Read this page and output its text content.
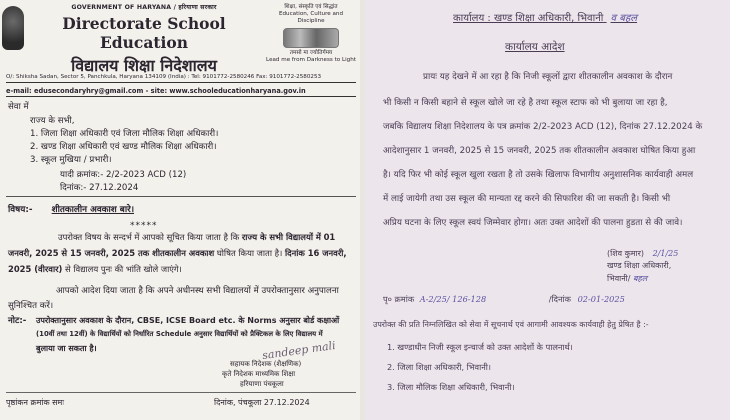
GOVERNMENT OF HARYANA / हरियाणा सरकार
Directorate School Education
विद्यालय शिक्षा निदेशालय
शिक्षा, संस्कृति एवं सिद्धांत
Education, Culture and Discipline
तमसो मा ज्योतिर्गमय
Lead me from Darkness to Light
O/: Shiksha Sadan, Sector 5, Panchkula, Haryana 134109 (India) : Tel: 9101772-2580246 Fax: 9101772-2580253
e-mail: edusecondaryhry@gmail.com - site: www.schooleducationharyana.gov.in
सेवा में
राज्य के सभी,
1. जिला शिक्षा अधिकारी एवं जिला मौलिक शिक्षा अधिकारी।
2. खण्ड शिक्षा अधिकारी एवं खण्ड मौलिक शिक्षा अधिकारी।
3. स्कूल मुखिया / प्रभारी।
यादी क्रमांक:- 2/2-2023 ACD (12)
दिनांक:- 27.12.2024
विषय:- शीतकालीन अवकाश बारे।
*****
उपरोक्त विषय के सन्दर्भ में आपको सूचित किया जाता है कि राज्य के सभी विद्यालयों में 01 जनवरी, 2025 से 15 जनवरी, 2025 तक शीतकालीन अवकाश घोषित किया जाता है। दिनांक 16 जनवरी, 2025 (वीरवार) से विद्यालय पुनः की भांति खोले जाएंगे।
आपको आदेश दिया जाता है कि अपने अधीनस्थ सभी विद्यालयों में उपरोक्तानुसार अनुपालना
सुनिश्चित करें।
नोट:- उपरोक्तानुसार अवकाश के दौरान, CBSE, ICSE Board etc. के Norms अनुसार बोर्ड कक्षाओं
(10वीं तथा 12वीं) के विद्यार्थियों को निर्धारित Schedule अनुसार विद्यार्थियों को प्रैक्टिकल के लिए विद्यालय में
बुलाया जा सकता है।	sandeep mali
सहायक निदेशक (शैक्षणिक)
कृते निदेशक माध्यमिक शिक्षा
हरियाणा पंचकूला
पृष्ठांकन क्रमांक समः	दिनांक, पंचकूला 27.12.2024
कार्यालय : खण्ड शिक्षा अधिकारी, भिवानी व बहल
कार्यालय आदेश
प्रायः यह देखने में आ रहा है कि निजी स्कूलों द्वारा शीतकालीन अवकाश के दौरान
भी किसी न किसी बहाने से स्कूल खोले जा रहे है तथा स्कूल स्टाफ को भी बुलाया जा रहा है,
जबकि विद्यालय शिक्षा निदेशालय के पत्र क्रमांक 2/2-2023 ACD (12), दिनांक 27.12.2024 के
आदेशानुसार 1 जनवरी, 2025 से 15 जनवरी, 2025 तक शीतकालीन अवकाश घोषित किया हुआ
है। यदि फिर भी कोई स्कूल खुला रखता है तो उसके खिलाफ विभागीय अनुशासनिक कार्यवाही अमल
में लाई जायेगी तथा उस स्कूल की मान्यता रद्द करने की सिफारिश की जा सकती है। किसी भी
अप्रिय घटना के लिए स्कूल स्वयं जिम्मेवार होगा। अतः उक्त आदेशों की पालना हुडता से की जावे।
(शिव कुमार) 2/1/25
खण्ड शिक्षा अधिकारी,
भिवानी/ बहल
पृ० क्रमांक A-2/25/ 126-128	/दिनांक 02-01-2025
उपरोक्त की प्रति निम्नलिखित को सेवा में सूचनार्थ एवं आगामी आवश्यक कार्यवाही हेतु प्रेषित है :-
1. खण्डाधीन निजी स्कूल इन्चार्ज को उक्त आदेशों के पालनार्थ।
2. जिला शिक्षा अधिकारी, भिवानी।
3. जिला मौलिक शिक्षा अधिकारी, भिवानी।
